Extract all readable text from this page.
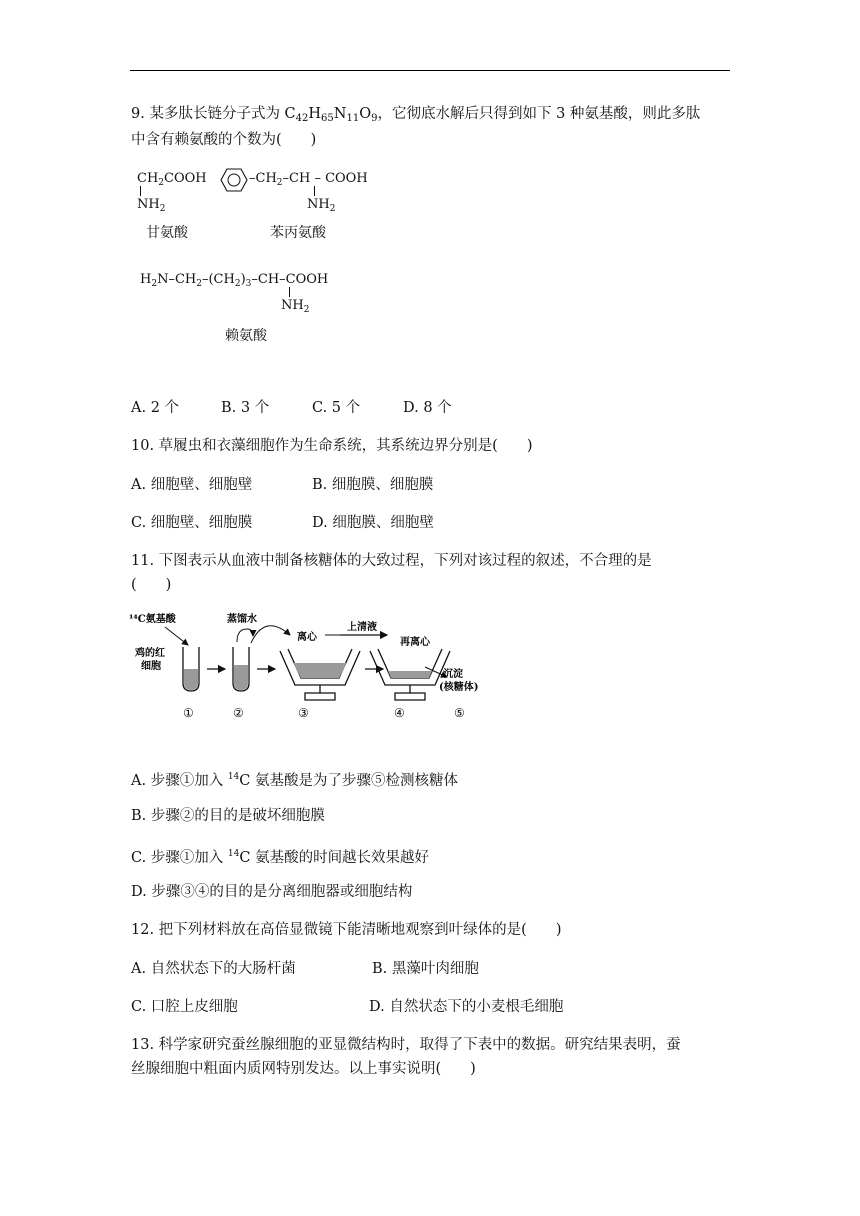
9. 某多肽长链分子式为 $C_{42}H_{65}N_{11}O_9$，它彻底水解后只得到如下 3 种氨基酸，则此多肽
中含有赖氨酸的个数为(　　)
$CH_2COOH$
$NH_2$
甘氨酸
$-CH_2-CH$ – COOH
$NH_2$
苯丙氨酸
$H_2N-CH_2-(CH_2)_3-CH$–COOH
$NH_2$
赖氨酸
A. 2 个	B. 3 个	C. 5 个	D. 8 个
10. 草履虫和衣藻细胞作为生命系统，其系统边界分别是(　　)
A. 细胞壁、细胞壁	B. 细胞膜、细胞膜
C. 细胞壁、细胞膜	D. 细胞膜、细胞壁
11. 下图表示从血液中制备核糖体的大致过程，下列对该过程的叙述，不合理的是
(　　)
¹⁴C氨基酸	蒸馏水
鸡的红
细胞
离心
上清液
再离心
沉淀
(核糖体)
①	②	③	④	⑤
A. 步骤①加入 $^{14}$C 氨基酸是为了步骤⑤检测核糖体
B. 步骤②的目的是破坏细胞膜
C. 步骤①加入 $^{14}$C 氨基酸的时间越长效果越好
D. 步骤③④的目的是分离细胞器或细胞结构
12. 把下列材料放在高倍显微镜下能清晰地观察到叶绿体的是(　　)
A. 自然状态下的大肠杆菌	B. 黑藻叶肉细胞
C. 口腔上皮细胞	D. 自然状态下的小麦根毛细胞
13. 科学家研究蚕丝腺细胞的亚显微结构时，取得了下表中的数据。研究结果表明，蚕
丝腺细胞中粗面内质网特别发达。以上事实说明(　　)
